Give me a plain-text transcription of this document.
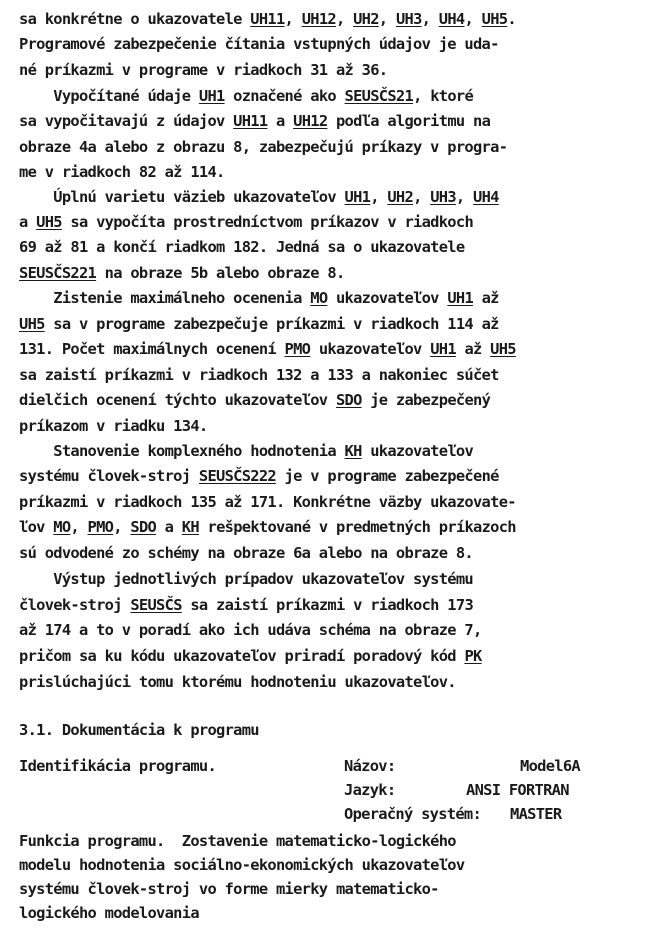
sa konkrétne o ukazovatele UH11, UH12, UH2, UH3, UH4, UH5.
Programové zabezpečenie čítania vstupných údajov je uda-
né príkazmi v programe v riadkoch 31 až 36.
Vypočítané údaje UH1 označené ako SEUSČS21, ktoré
sa vypočitavajú z údajov UH11 a UH12 podľa algoritmu na
obraze 4a alebo z obrazu 8, zabezpečujú príkazy v progra-
me v riadkoch 82 až 114.
Úplnú varietu väzieb ukazovateľov UH1, UH2, UH3, UH4
a UH5 sa vypočíta prostredníctvom príkazov v riadkoch
69 až 81 a končí riadkom 182. Jedná sa o ukazovatele
SEUSČS221 na obraze 5b alebo obraze 8.
Zistenie maximálneho ocenenia MO ukazovateľov UH1 až
UH5 sa v programe zabezpečuje príkazmi v riadkoch 114 až
131. Počet maximálnych ocenení PMO ukazovateľov UH1 až UH5
sa zaistí príkazmi v riadkoch 132 a 133 a nakoniec súčet
dielčich ocenení týchto ukazovateľov SDO je zabezpečený
príkazom v riadku 134.
Stanovenie komplexného hodnotenia KH ukazovateľov
systému človek-stroj SEUSČS222 je v programe zabezpečené
príkazmi v riadkoch 135 až 171. Konkrétne väzby ukazovate-
ľov MO, PMO, SDO a KH rešpektované v predmetných príkazoch
sú odvodené zo schémy na obraze 6a alebo na obraze 8.
Výstup jednotlivých prípadov ukazovateľov systému
človek-stroj SEUSČS sa zaistí príkazmi v riadkoch 173
až 174 a to v poradí ako ich udáva schéma na obraze 7,
pričom sa ku kódu ukazovateľov priradí poradový kód PK
prislúchajúci tomu ktorému hodnoteniu ukazovateľov.
3.1. Dokumentácia k programu
Identifikácia programu.	Názov:	Model6A
Jazyk:	ANSI FORTRAN
Operačný systém: MASTER
Funkcia programu.  Zostavenie matematicko-logického
modelu hodnotenia sociálno-ekonomických ukazovateľov
systému človek-stroj vo forme mierky matematicko-
logického modelovania
